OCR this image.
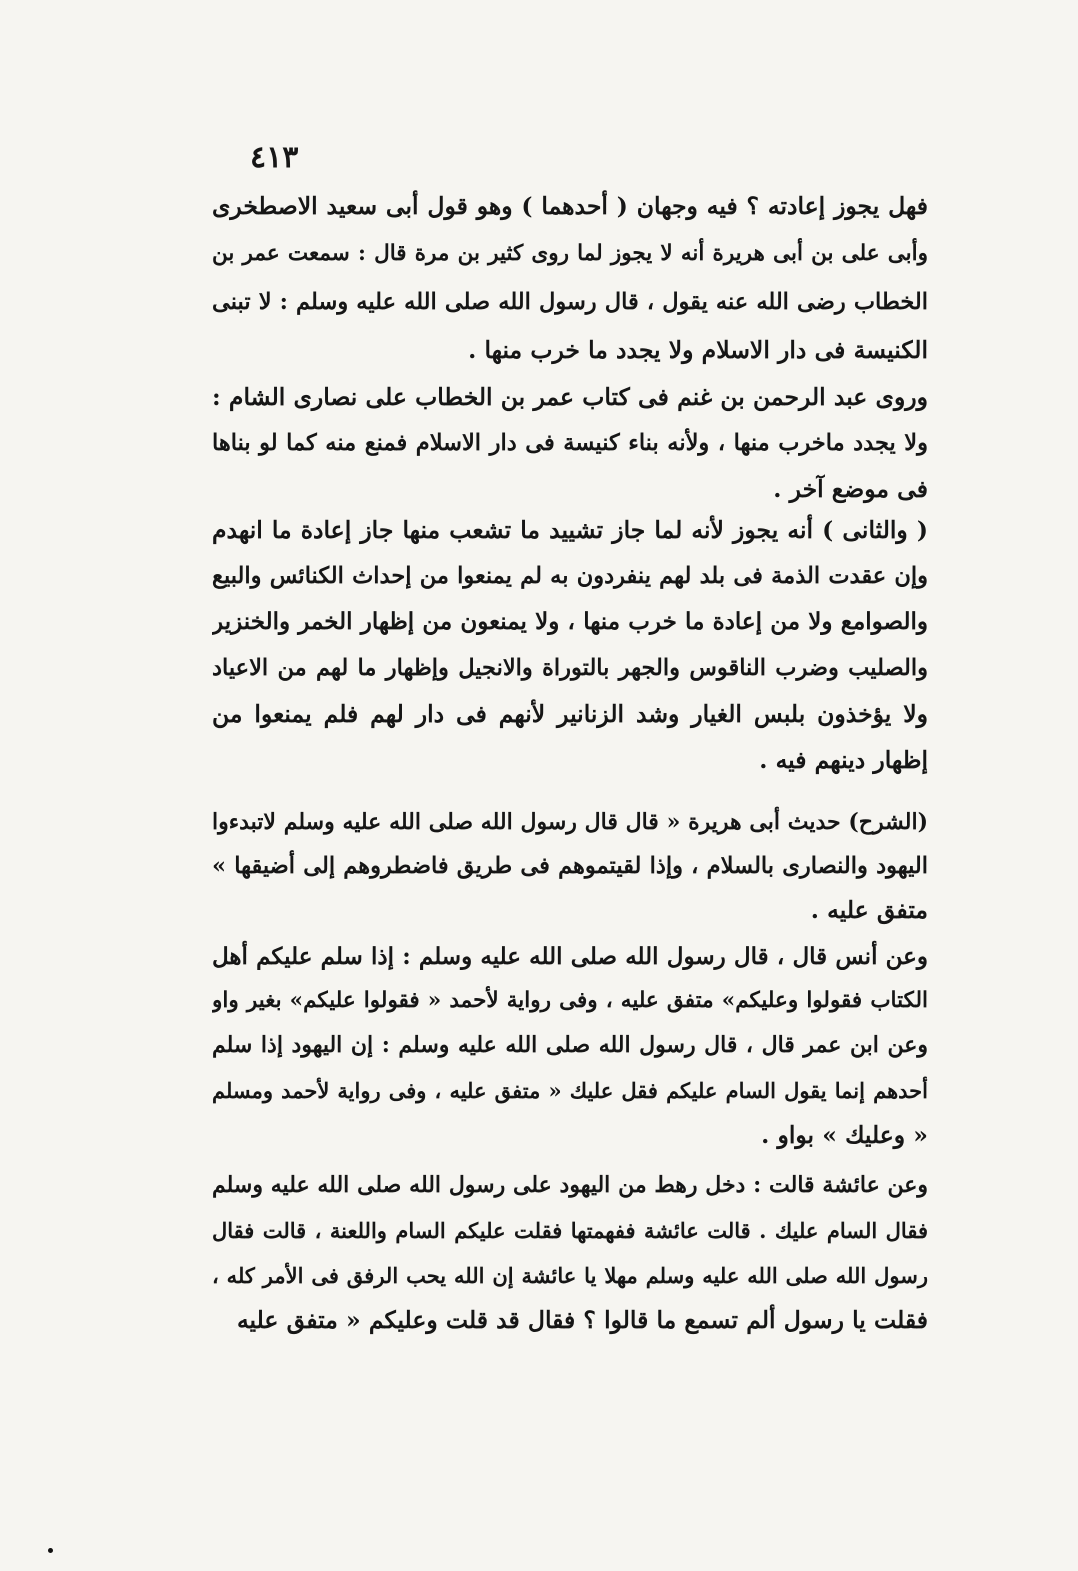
٤١٣
فهل يجوز إعادته ؟ فيه وجهان ( أحدهما ) وهو قول أبى سعيد الاصطخرى
وأبى على بن أبى هريرة أنه لا يجوز لما روى كثير بن مرة قال : سمعت عمر بن
الخطاب رضى الله عنه يقول ، قال رسول الله صلى الله عليه وسلم : لا تبنى
الكنيسة فى دار الاسلام ولا يجدد ما خرب منها .
وروى عبد الرحمن بن غنم فى كتاب عمر بن الخطاب على نصارى الشام :
ولا يجدد ماخرب منها ، ولأنه بناء كنيسة فى دار الاسلام فمنع منه كما لو بناها
فى موضع آخر .
( والثانى ) أنه يجوز لأنه لما جاز تشييد ما تشعب منها جاز إعادة ما انهدم
وإن عقدت الذمة فى بلد لهم ينفردون به لم يمنعوا من إحداث الكنائس والبيع
والصوامع ولا من إعادة ما خرب منها ، ولا يمنعون من إظهار الخمر والخنزير
والصليب وضرب الناقوس والجهر بالتوراة والانجيل وإظهار ما لهم من الاعياد
ولا يؤخذون بلبس الغيار وشد الزنانير لأنهم فى دار لهم فلم يمنعوا من
إظهار دينهم فيه .
(الشرح) حديث أبى هريرة « قال قال رسول الله صلى الله عليه وسلم لاتبدءوا
اليهود والنصارى بالسلام ، وإذا لقيتموهم فى طريق فاضطروهم إلى أضيقها »
متفق عليه .
وعن أنس قال ، قال رسول الله صلى الله عليه وسلم : إذا سلم عليكم أهل
الكتاب فقولوا وعليكم» متفق عليه ، وفى رواية لأحمد « فقولوا عليكم» بغير واو
وعن ابن عمر قال ، قال رسول الله صلى الله عليه وسلم : إن اليهود إذا سلم
أحدهم إنما يقول السام عليكم فقل عليك « متفق عليه ، وفى رواية لأحمد ومسلم
« وعليك » بواو .
وعن عائشة قالت : دخل رهط من اليهود على رسول الله صلى الله عليه وسلم
فقال السام عليك . قالت عائشة ففهمتها فقلت عليكم السام واللعنة ، قالت فقال
رسول الله صلى الله عليه وسلم مهلا يا عائشة إن الله يحب الرفق فى الأمر كله ،
فقلت يا رسول ألم تسمع ما قالوا ؟ فقال قد قلت وعليكم « متفق عليه
